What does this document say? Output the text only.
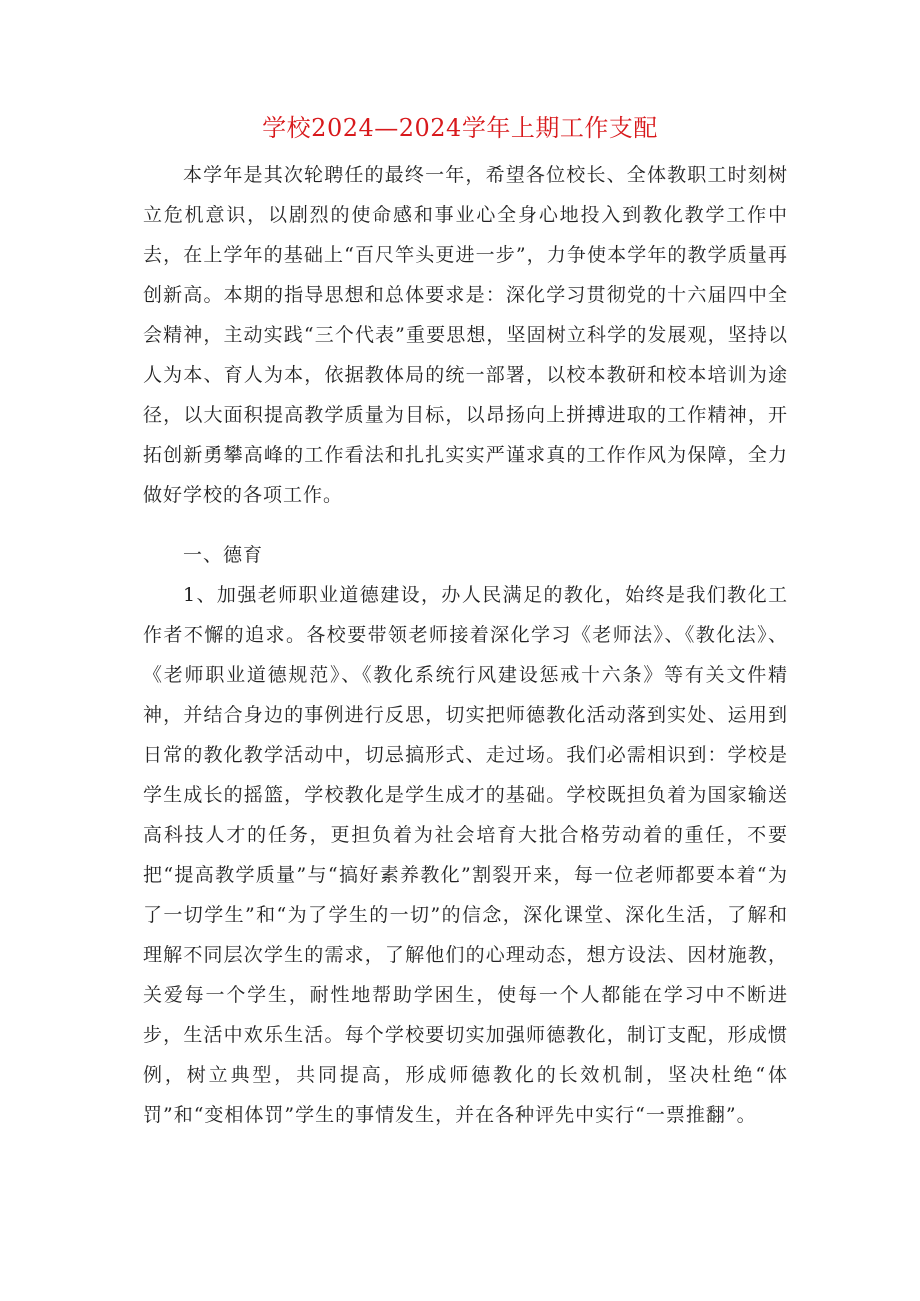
学校2024—2024学年上期工作支配

本学年是其次轮聘任的最终一年，希望各位校长、全体教职工时刻树立危机意识，以剧烈的使命感和事业心全身心地投入到教化教学工作中去，在上学年的基础上“百尺竿头更进一步”，力争使本学年的教学质量再创新高。本期的指导思想和总体要求是：深化学习贯彻党的十六届四中全会精神，主动实践“三个代表”重要思想，坚固树立科学的发展观，坚持以人为本、育人为本，依据教体局的统一部署，以校本教研和校本培训为途径，以大面积提高教学质量为目标，以昂扬向上拼搏进取的工作精神，开拓创新勇攀高峰的工作看法和扎扎实实严谨求真的工作作风为保障，全力做好学校的各项工作。

一、德育

1、加强老师职业道德建设，办人民满足的教化，始终是我们教化工作者不懈的追求。各校要带领老师接着深化学习《老师法》、《教化法》、《老师职业道德规范》、《教化系统行风建设惩戒十六条》等有关文件精神，并结合身边的事例进行反思，切实把师德教化活动落到实处、运用到日常的教化教学活动中，切忌搞形式、走过场。我们必需相识到：学校是学生成长的摇篮，学校教化是学生成才的基础。学校既担负着为国家输送高科技人才的任务，更担负着为社会培育大批合格劳动着的重任，不要把“提高教学质量”与“搞好素养教化”割裂开来，每一位老师都要本着“为了一切学生”和“为了学生的一切”的信念，深化课堂、深化生活，了解和理解不同层次学生的需求，了解他们的心理动态，想方设法、因材施教，关爱每一个学生，耐性地帮助学困生，使每一个人都能在学习中不断进步，生活中欢乐生活。每个学校要切实加强师德教化，制订支配，形成惯例，树立典型，共同提高，形成师德教化的长效机制，坚决杜绝“体罚”和“变相体罚”学生的事情发生，并在各种评先中实行“一票推翻”。
